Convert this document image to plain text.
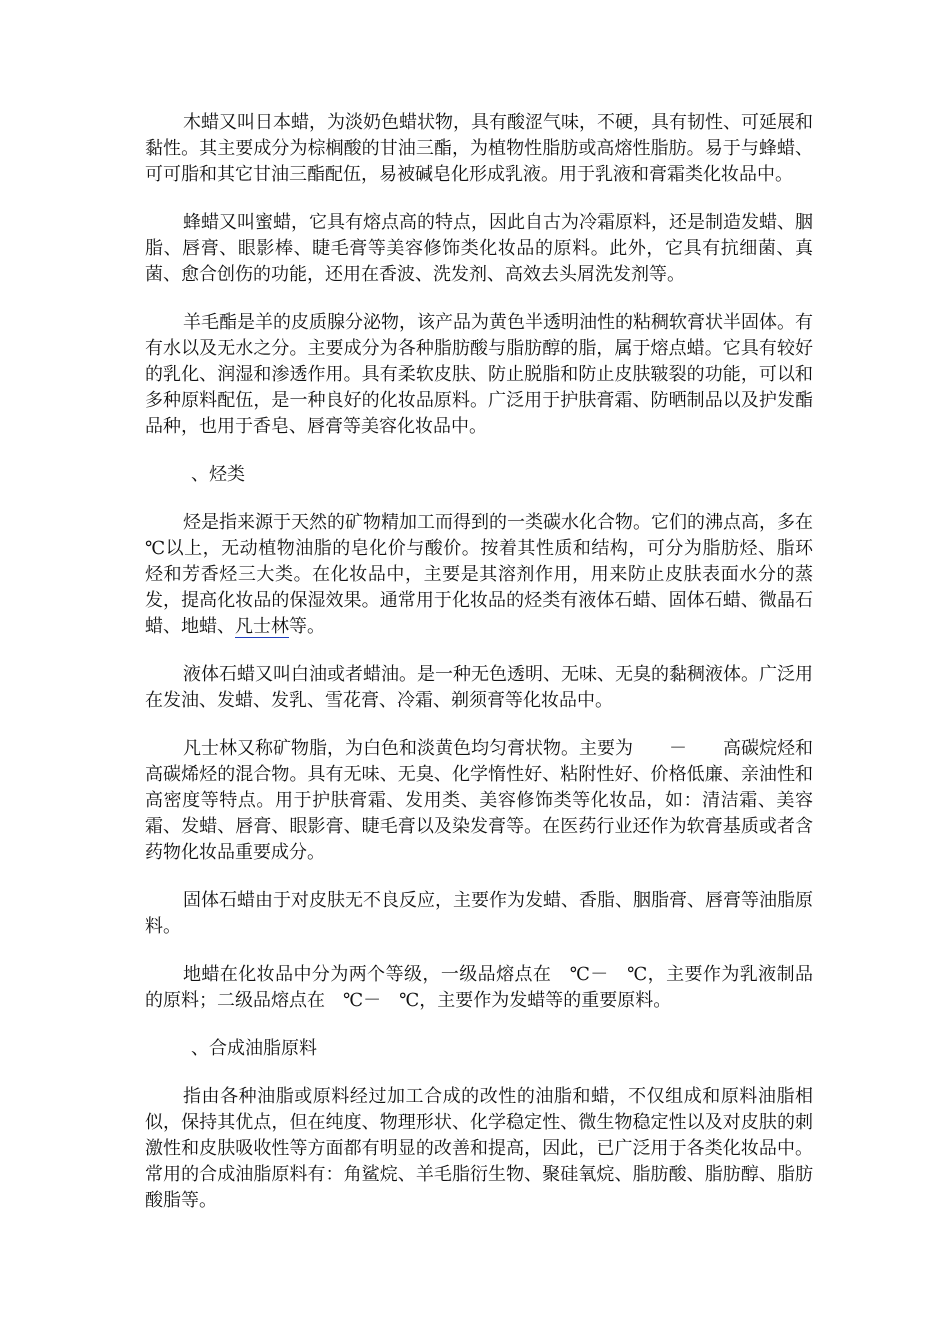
木蜡又叫日本蜡，为淡奶色蜡状物，具有酸涩气味，不硬，具有韧性、可延展和黏性。其主要成分为棕榈酸的甘油三酯，为植物性脂肪或高熔性脂肪。易于与蜂蜡、可可脂和其它甘油三酯配伍，易被碱皂化形成乳液。用于乳液和膏霜类化妆品中。

蜂蜡又叫蜜蜡，它具有熔点高的特点，因此自古为冷霜原料，还是制造发蜡、胭脂、唇膏、眼影棒、睫毛膏等美容修饰类化妆品的原料。此外，它具有抗细菌、真菌、愈合创伤的功能，还用在香波、洗发剂、高效去头屑洗发剂等。

羊毛酯是羊的皮质腺分泌物，该产品为黄色半透明油性的粘稠软膏状半固体。有有水以及无水之分。主要成分为各种脂肪酸与脂肪醇的脂，属于熔点蜡。它具有较好的乳化、润湿和渗透作用。具有柔软皮肤、防止脱脂和防止皮肤皲裂的功能，可以和多种原料配伍，是一种良好的化妆品原料。广泛用于护肤膏霜、防晒制品以及护发酯品种，也用于香皂、唇膏等美容化妆品中。

、烃类

烃是指来源于天然的矿物精加工而得到的一类碳水化合物。它们的沸点高，多在　　℃以上，无动植物油脂的皂化价与酸价。按着其性质和结构，可分为脂肪烃、脂环烃和芳香烃三大类。在化妆品中，主要是其溶剂作用，用来防止皮肤表面水分的蒸发，提高化妆品的保湿效果。通常用于化妆品的烃类有液体石蜡、固体石蜡、微晶石蜡、地蜡、凡士林等。

液体石蜡又叫白油或者蜡油。是一种无色透明、无味、无臭的黏稠液体。广泛用在发油、发蜡、发乳、雪花膏、冷霜、剃须膏等化妆品中。

凡士林又称矿物脂，为白色和淡黄色均匀膏状物。主要为　　－　　高碳烷烃和高碳烯烃的混合物。具有无味、无臭、化学惰性好、粘附性好、价格低廉、亲油性和高密度等特点。用于护肤膏霜、发用类、美容修饰类等化妆品，如：清洁霜、美容霜、发蜡、唇膏、眼影膏、睫毛膏以及染发膏等。在医药行业还作为软膏基质或者含药物化妆品重要成分。

固体石蜡由于对皮肤无不良反应，主要作为发蜡、香脂、胭脂膏、唇膏等油脂原料。

地蜡在化妆品中分为两个等级，一级品熔点在　℃－　℃，主要作为乳液制品的原料；二级品熔点在　℃－　℃，主要作为发蜡等的重要原料。

、合成油脂原料

指由各种油脂或原料经过加工合成的改性的油脂和蜡，不仅组成和原料油脂相似，保持其优点，但在纯度、物理形状、化学稳定性、微生物稳定性以及对皮肤的刺激性和皮肤吸收性等方面都有明显的改善和提高，因此，已广泛用于各类化妆品中。常用的合成油脂原料有：角鲨烷、羊毛脂衍生物、聚硅氧烷、脂肪酸、脂肪醇、脂肪酸脂等。
